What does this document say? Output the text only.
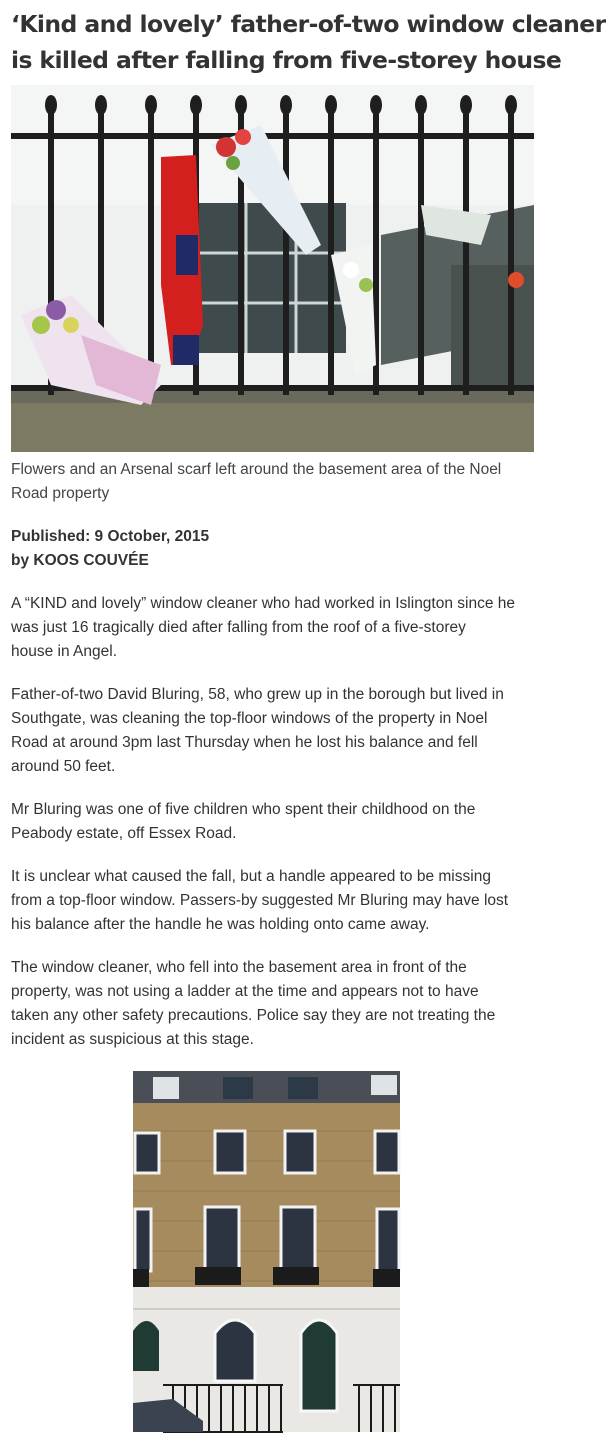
‘Kind and lovely’ father-of-two window cleaner
is killed after falling from five-storey house

Flowers and an Arsenal scarf left around the basement area of the Noel
Road property

Published: 9 October, 2015

by KOOS COUVÉE

A “KIND and lovely” window cleaner who had worked in Islington since he
was just 16 tragically died after falling from the roof of a five-storey
house in Angel.

Father-of-two David Bluring, 58, who grew up in the borough but lived in
Southgate, was cleaning the top-floor windows of the property in Noel
Road at around 3pm last Thursday when he lost his balance and fell
around 50 feet.

Mr Bluring was one of five children who spent their childhood on the
Peabody estate, off Essex Road.

It is unclear what caused the fall, but a handle appeared to be missing
from a top-floor window. Passers-by suggested Mr Bluring may have lost
his balance after the handle he was holding onto came away.

The window cleaner, who fell into the basement area in front of the
property, was not using a ladder at the time and appears not to have
taken any other safety precautions. Police say they are not treating the
incident as suspicious at this stage.
